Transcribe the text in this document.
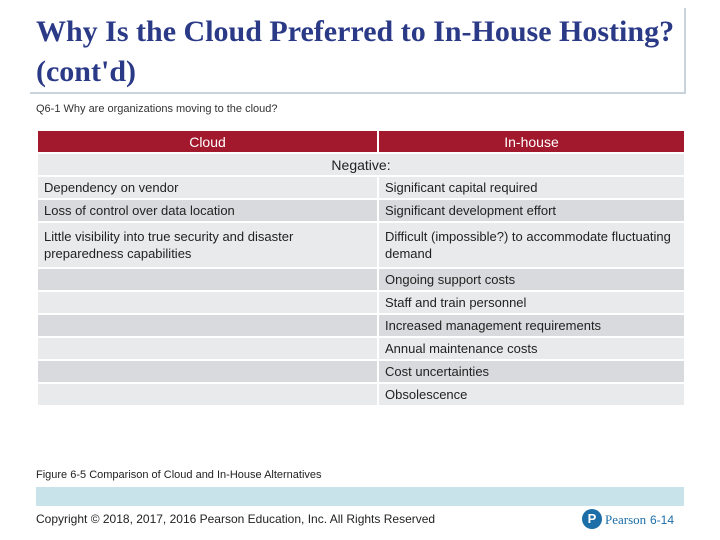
Why Is the Cloud Preferred to In-House Hosting? (cont'd)
Q6-1 Why are organizations moving to the cloud?
Cloud	In-house
Negative:	
Dependency on vendor	Significant capital required
Loss of control over data location	Significant development effort
Little visibility into true security and disaster preparedness capabilities	Difficult (impossible?) to accommodate fluctuating demand
	Ongoing support costs
	Staff and train personnel
	Increased management requirements
	Annual maintenance costs
	Cost uncertainties
	Obsolescence
Figure 6-5 Comparison of Cloud and In-House Alternatives
Copyright © 2018, 2017, 2016 Pearson Education, Inc. All Rights Reserved	P Pearson 6-14
